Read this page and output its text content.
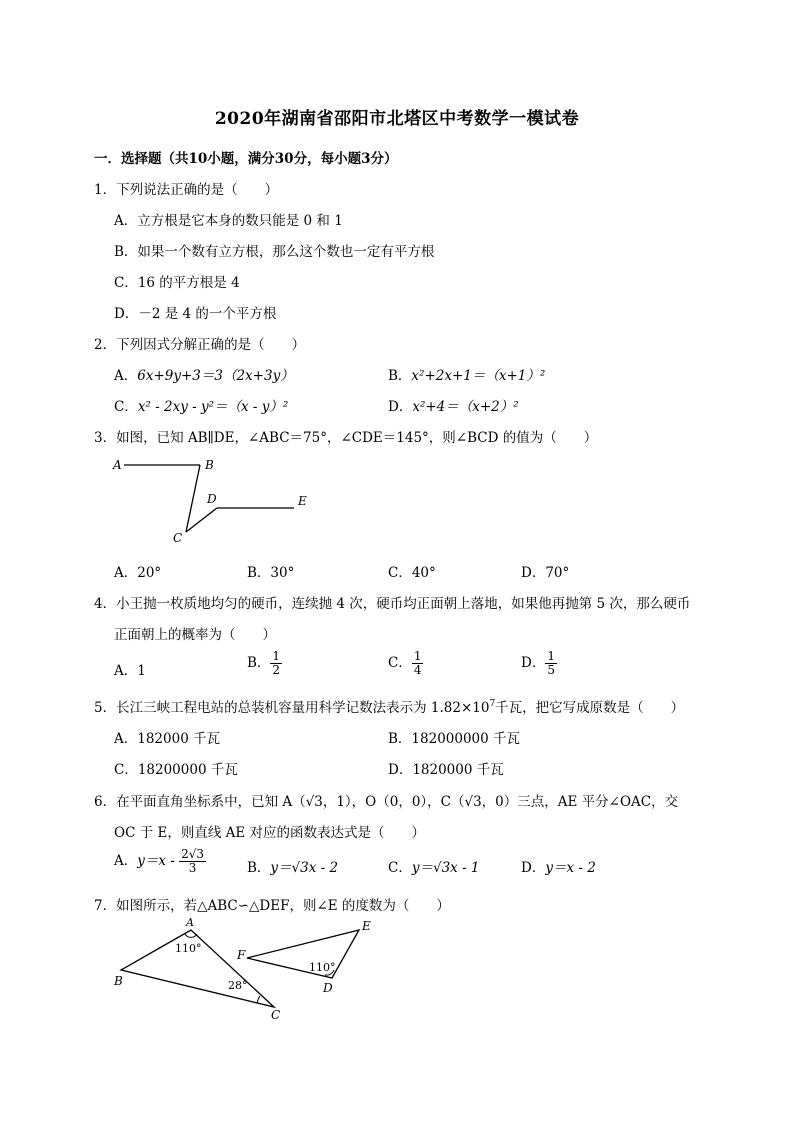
2020年湖南省邵阳市北塔区中考数学一模试卷
一．选择题（共10小题，满分30分，每小题3分）
1．下列说法正确的是（　　）
A．立方根是它本身的数只能是 0 和 1
B．如果一个数有立方根，那么这个数也一定有平方根
C．16 的平方根是 4
D．－2 是 4 的一个平方根
2．下列因式分解正确的是（　　）
A．6x+9y+3＝3（2x+3y）	B．x²+2x+1＝（x+1）²
C．x² - 2xy - y²＝（x - y）²	D．x²+4＝（x+2）²
3．如图，已知 AB∥DE，∠ABC＝75°，∠CDE＝145°，则∠BCD 的值为（　　）
A	B
D	E
C
A．20°	B．30°	C．40°	D．70°
4．小王抛一枚质地均匀的硬币，连续抛 4 次，硬币均正面朝上落地，如果他再抛第 5 次，那么硬币
正面朝上的概率为（　　）
A．1	B． $\frac{1}{2}$	C． $\frac{1}{4}$	D． $\frac{1}{5}$
5．长江三峡工程电站的总装机容量用科学记数法表示为 $1.82\times 10^7$千瓦，把它写成原数是（　　）
A．182000 千瓦	B．182000000 千瓦
C．18200000 千瓦	D．1820000 千瓦
6．在平面直角坐标系中，已知 A（√3，1），O（0，0），C（√3，0）三点，AE 平分∠OAC，交
OC 于 E，则直线 AE 对应的函数表达式是（　　）
A．$y=x - \frac{2√3}{3}$	B．y＝√3x - 2	C．y＝√3x - 1	D．y＝x - 2
7．如图所示，若△ABC∽△DEF，则∠E 的度数为（　　）
A
B
C
110°
28°
F
E
D
110°
